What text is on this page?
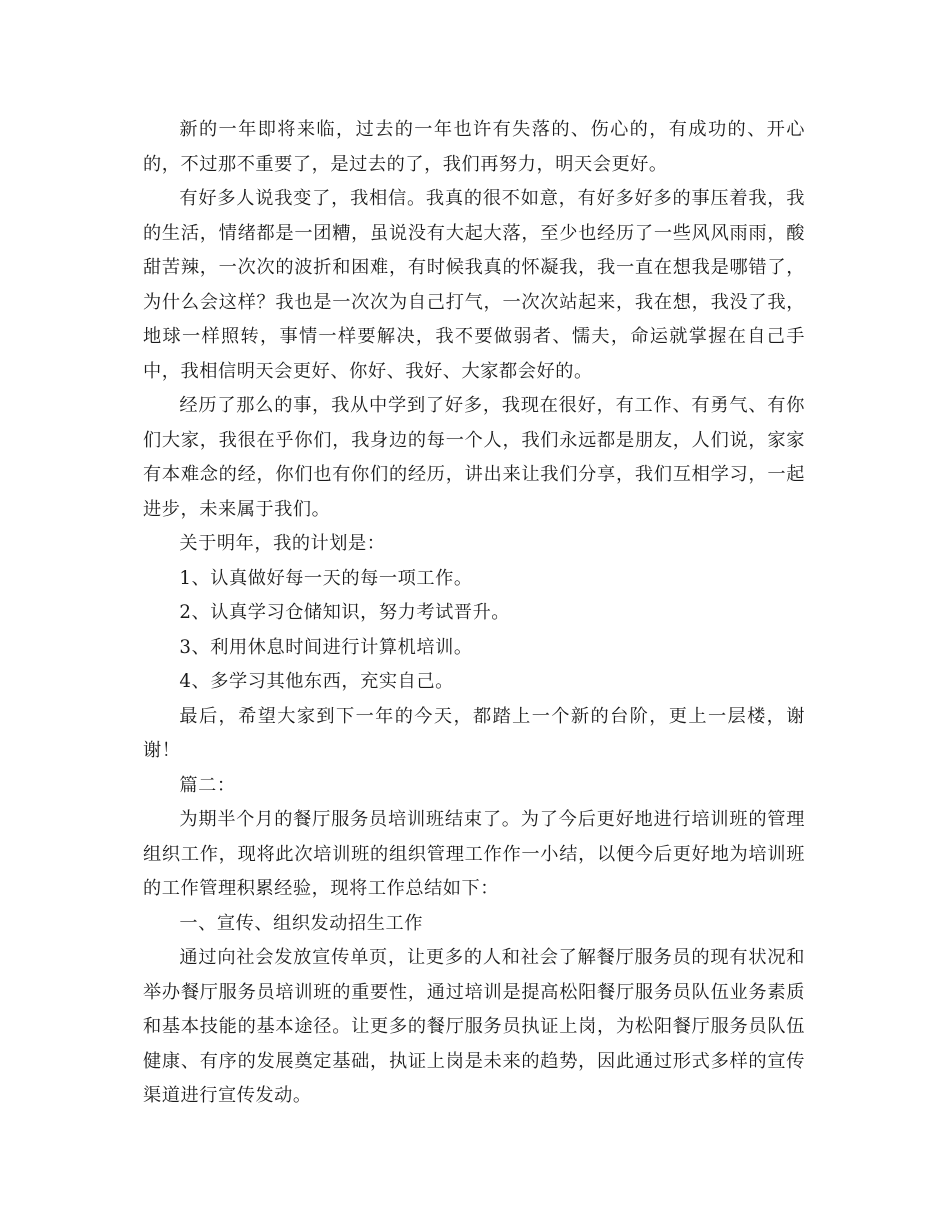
新的一年即将来临，过去的一年也许有失落的、伤心的，有成功的、开心的，不过那不重要了，是过去的了，我们再努力，明天会更好。

有好多人说我变了，我相信。我真的很不如意，有好多好多的事压着我，我的生活，情绪都是一团糟，虽说没有大起大落，至少也经历了一些风风雨雨，酸甜苦辣，一次次的波折和困难，有时候我真的怀凝我，我一直在想我是哪错了，为什么会这样？我也是一次次为自己打气，一次次站起来，我在想，我没了我，地球一样照转，事情一样要解决，我不要做弱者、懦夫，命运就掌握在自己手中，我相信明天会更好、你好、我好、大家都会好的。

经历了那么的事，我从中学到了好多，我现在很好，有工作、有勇气、有你们大家，我很在乎你们，我身边的每一个人，我们永远都是朋友，人们说，家家有本难念的经，你们也有你们的经历，讲出来让我们分享，我们互相学习，一起进步，未来属于我们。

关于明年，我的计划是：

1、认真做好每一天的每一项工作。

2、认真学习仓储知识，努力考试晋升。

3、利用休息时间进行计算机培训。

4、多学习其他东西，充实自己。

最后，希望大家到下一年的今天，都踏上一个新的台阶，更上一层楼，谢谢！

篇二：

为期半个月的餐厅服务员培训班结束了。为了今后更好地进行培训班的管理组织工作，现将此次培训班的组织管理工作作一小结，以便今后更好地为培训班的工作管理积累经验，现将工作总结如下：

一、宣传、组织发动招生工作

通过向社会发放宣传单页，让更多的人和社会了解餐厅服务员的现有状况和举办餐厅服务员培训班的重要性，通过培训是提高松阳餐厅服务员队伍业务素质和基本技能的基本途径。让更多的餐厅服务员执证上岗，为松阳餐厅服务员队伍健康、有序的发展奠定基础，执证上岗是未来的趋势，因此通过形式多样的宣传渠道进行宣传发动。
